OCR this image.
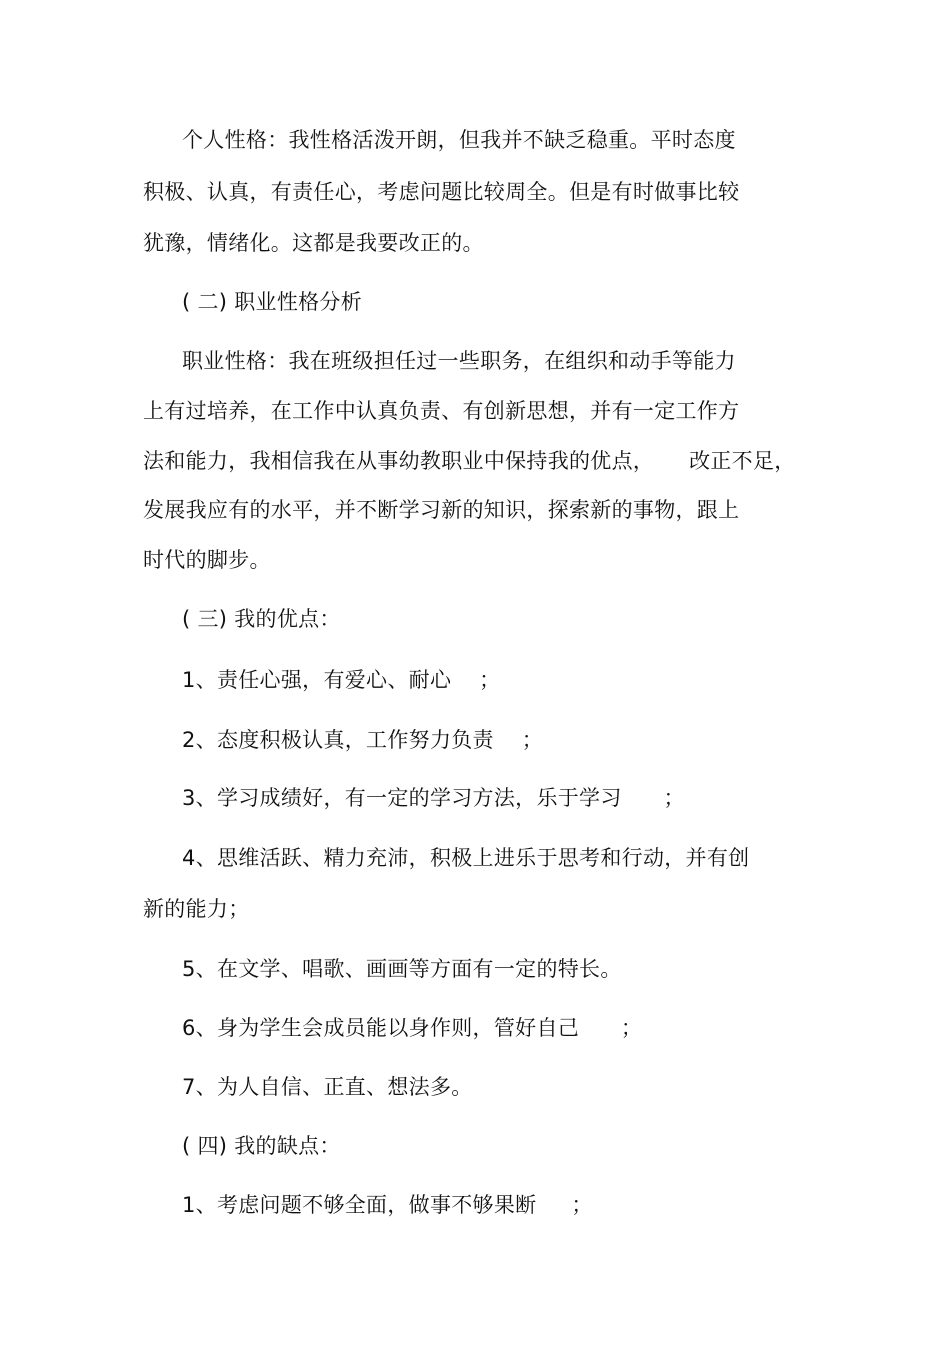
个人性格：我性格活泼开朗，但我并不缺乏稳重。平时态度
积极、认真，有责任心，考虑问题比较周全。但是有时做事比较
犹豫，情绪化。这都是我要改正的。
( 二) 职业性格分析
职业性格：我在班级担任过一些职务，在组织和动手等能力
上有过培养，在工作中认真负责、有创新思想，并有一定工作方
法和能力，我相信我在从事幼教职业中保持我的优点，     改正不足，
发展我应有的水平，并不断学习新的知识，探索新的事物，跟上
时代的脚步。
( 三) 我的优点：
1、责任心强，有爱心、耐心    ；
2、态度积极认真，工作努力负责    ；
3、学习成绩好，有一定的学习方法，乐于学习      ；
4、思维活跃、精力充沛，积极上进乐于思考和行动，并有创
新的能力；
5、在文学、唱歌、画画等方面有一定的特长。
6、身为学生会成员能以身作则，管好自己      ；
7、为人自信、正直、想法多。
( 四) 我的缺点：
1、考虑问题不够全面，做事不够果断     ；
